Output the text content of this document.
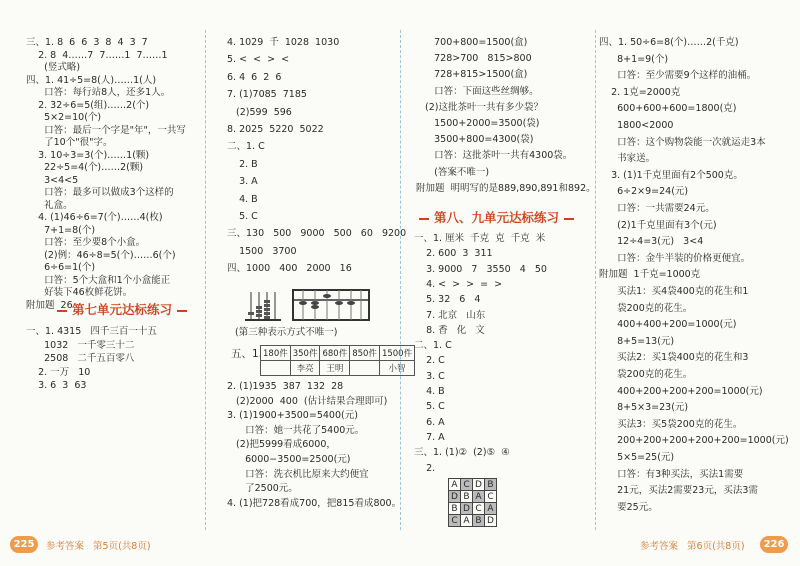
三、1. 8  6  6  3  8  4  3  7
2. 8  4……7  7……1  7……1
(竖式略)
四、1. 41÷5=8(人)……1(人)
口答：每行站8人，还多1人。
2. 32÷6=5(组)……2(个)
5×2=10(个)
口答：最后一个字是"年"，一共写
了10个"很"字。
3. 10÷3=3(个)……1(颗)
22÷5=4(个)……2(颗)
3<4<5
口答：最多可以做成3个这样的
礼盒。
4. (1)46÷6=7(个)……4(枚)
7+1=8(个)
口答：至少要8个小盒。
(2)例：46÷8=5(个)……6(个)
6÷6=1(个)
口答：5个大盒和1个小盒能正
好装下46枚鲜花饼。
附加题  26 第七单元达标练习
一、1. 4315   四千三百一十五
1032   一千零三十二
2508   二千五百零八
2. 一万   10
3. 6  3  63
4. 1029  千  1028  1030
5. <  <  >  <
6. 4  6  2  6
7. (1)7085  7185
(2)599  596
8. 2025  5220  5022
二、1. C
2. B
3. A
4. B
5. C
三、130   500   9000   500   60   9200
1500   3700
四、1000   400   2000   16
(第三种表示方式不唯一)
五、1. 180件	350件	680件	850件	1500件
	李亮	王明		小智
2. (1)1935  387  132  28
(2)2000  400  (估计结果合理即可)
3. (1)1900+3500=5400(元)
口答：她一共花了5400元。
(2)把5999看成6000，
6000−3500=2500(元)
口答：洗衣机比原来大约便宜
了2500元。
4. (1)把728看成700，把815看成800。
700+800=1500(盒)
728>700   815>800
728+815>1500(盒)
口答：下面这些丝绸够。
(2)这批茶叶一共有多少袋？
1500+2000=3500(袋)
3500+800=4300(袋)
口答：这批茶叶一共有4300袋。
(答案不唯一)
附加题  明明写的是889,890,891和892。
第八、九单元达标练习
一、1. 厘米  千克  克  千克  米
2. 600  3  311
3. 9000   7   3550   4   50
4. <  >  >  =  >
5. 32   6   4
7. 北京   山东
8. 香   化   文
二、1. C
2. C
3. C
4. B
5. C
6. A
7. A
三、1. (1)②  (2)⑤  ④
2.
A	C	D	B
D	B	A	C
B	D	C	A
C	A	B	D
四、1. 50÷6=8(个)……2(千克)
8+1=9(个)
口答：至少需要9个这样的油桶。
2. 1克=2000克
600+600+600=1800(克)
1800<2000
口答：这个购物袋能一次就运走3本
书家送。
3. (1)1千克里面有2个500克。
6÷2×9=24(元)
口答：一共需要24元。
(2)1千克里面有3个(元)
12÷4=3(元)   3<4
口答：金牛半装的价格更便宜。
附加题  1千克=1000克
买法1：买4袋400克的花生和1
袋200克的花生。
400+400+200=1000(元)
8+5=13(元)
买法2：买1袋400克的花生和3
袋200克的花生。
400+200+200+200=1000(元)
8+5×3=23(元)
买法3：买5袋200克的花生。
200+200+200+200+200=1000(元)
5×5=25(元)
口答：有3种买法，买法1需要
21元，买法2需要23元，买法3需
要25元。
225	参考答案   第5页(共8页)	参考答案   第6页(共8页)	226
